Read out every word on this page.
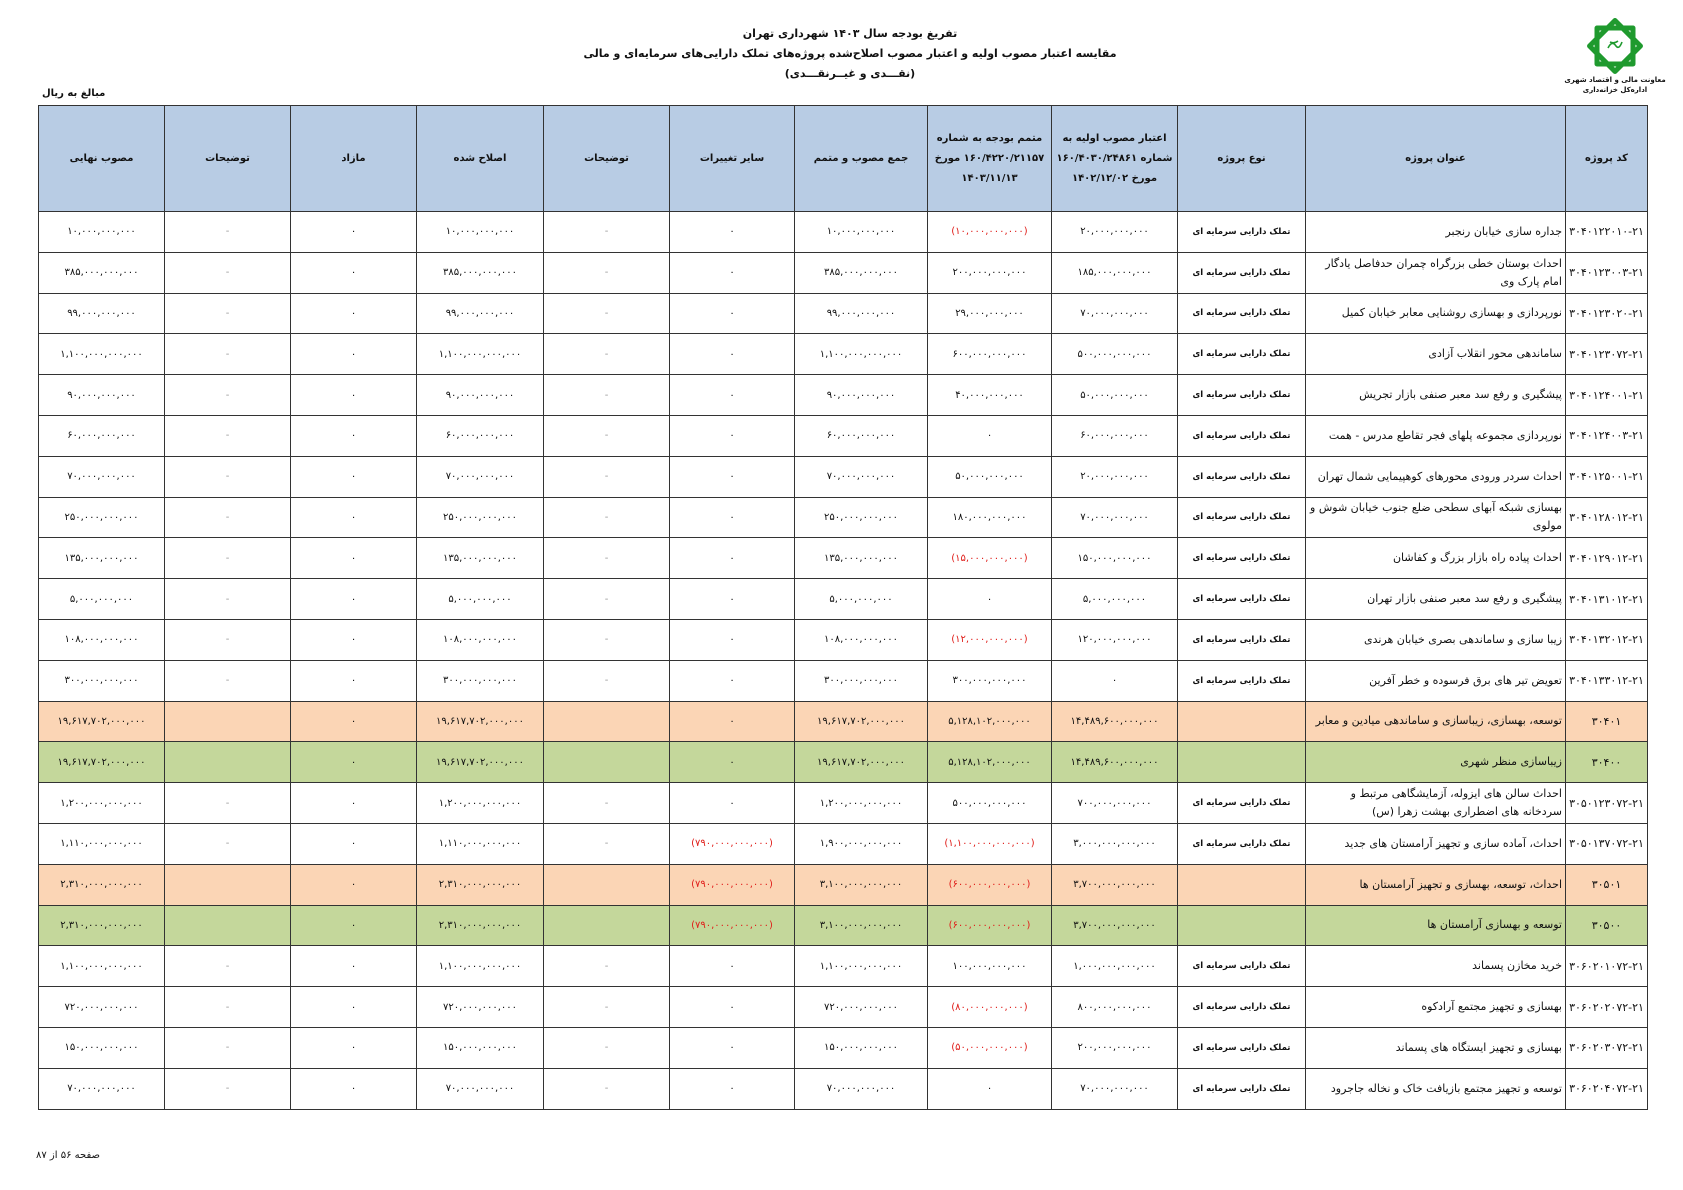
معاونت مالی و اقتصاد شهری
اداره‌کل خزانه‌داری
تفریغ بودجه سال ۱۴۰۳ شهرداری تهران
مقایسه اعتبار مصوب اولیه و اعتبار مصوب اصلاح‌شده پروژه‌های تملک دارایی‌های سرمایه‌ای و مالی
(نقـــدی و غیــرنقـــدی)
مبالغ به ریال
کد پروژه	عنوان پروژه	نوع پروژه	اعتبار مصوب اولیه به شماره ۱۶۰/۴۰۳۰/۲۴۸۶۱ مورخ ۱۴۰۲/۱۲/۰۲	متمم بودجه به شماره ۱۶۰/۴۲۲۰/۲۱۱۵۷ مورخ ۱۴۰۳/۱۱/۱۳	جمع مصوب و متمم	سایر تغییرات	توضیحات	اصلاح شده	مازاد	توضیحات	مصوب نهایی
۳۰۴۰۱۲۲۰۱۰-۲۱	جداره سازی خیابان رنجبر	تملک دارایی سرمایه ای	۲۰,۰۰۰,۰۰۰,۰۰۰	(۱۰,۰۰۰,۰۰۰,۰۰۰)	۱۰,۰۰۰,۰۰۰,۰۰۰	۰	-	۱۰,۰۰۰,۰۰۰,۰۰۰	۰	-	۱۰,۰۰۰,۰۰۰,۰۰۰
۳۰۴۰۱۲۳۰۰۳-۲۱	احداث بوستان خطی بزرگراه چمران حدفاصل یادگار امام پارک وی	تملک دارایی سرمایه ای	۱۸۵,۰۰۰,۰۰۰,۰۰۰	۲۰۰,۰۰۰,۰۰۰,۰۰۰	۳۸۵,۰۰۰,۰۰۰,۰۰۰	۰	-	۳۸۵,۰۰۰,۰۰۰,۰۰۰	۰	-	۳۸۵,۰۰۰,۰۰۰,۰۰۰
۳۰۴۰۱۲۳۰۲۰-۲۱	نورپردازی و بهسازی روشنایی معابر خیابان کمیل	تملک دارایی سرمایه ای	۷۰,۰۰۰,۰۰۰,۰۰۰	۲۹,۰۰۰,۰۰۰,۰۰۰	۹۹,۰۰۰,۰۰۰,۰۰۰	۰	-	۹۹,۰۰۰,۰۰۰,۰۰۰	۰	-	۹۹,۰۰۰,۰۰۰,۰۰۰
۳۰۴۰۱۲۳۰۷۲-۲۱	ساماندهی محور انقلاب آزادی	تملک دارایی سرمایه ای	۵۰۰,۰۰۰,۰۰۰,۰۰۰	۶۰۰,۰۰۰,۰۰۰,۰۰۰	۱,۱۰۰,۰۰۰,۰۰۰,۰۰۰	۰	-	۱,۱۰۰,۰۰۰,۰۰۰,۰۰۰	۰	-	۱,۱۰۰,۰۰۰,۰۰۰,۰۰۰
۳۰۴۰۱۲۴۰۰۱-۲۱	پیشگیری و رفع سد معبر صنفی بازار تجریش	تملک دارایی سرمایه ای	۵۰,۰۰۰,۰۰۰,۰۰۰	۴۰,۰۰۰,۰۰۰,۰۰۰	۹۰,۰۰۰,۰۰۰,۰۰۰	۰	-	۹۰,۰۰۰,۰۰۰,۰۰۰	۰	-	۹۰,۰۰۰,۰۰۰,۰۰۰
۳۰۴۰۱۲۴۰۰۳-۲۱	نورپردازی مجموعه پلهای فجر تقاطع مدرس - همت	تملک دارایی سرمایه ای	۶۰,۰۰۰,۰۰۰,۰۰۰	۰	۶۰,۰۰۰,۰۰۰,۰۰۰	۰	-	۶۰,۰۰۰,۰۰۰,۰۰۰	۰	-	۶۰,۰۰۰,۰۰۰,۰۰۰
۳۰۴۰۱۲۵۰۰۱-۲۱	احداث سردر ورودی محورهای کوهپیمایی شمال تهران	تملک دارایی سرمایه ای	۲۰,۰۰۰,۰۰۰,۰۰۰	۵۰,۰۰۰,۰۰۰,۰۰۰	۷۰,۰۰۰,۰۰۰,۰۰۰	۰	-	۷۰,۰۰۰,۰۰۰,۰۰۰	۰	-	۷۰,۰۰۰,۰۰۰,۰۰۰
۳۰۴۰۱۲۸۰۱۲-۲۱	بهسازی شبکه آبهای سطحی ضلع جنوب خیابان شوش و مولوی	تملک دارایی سرمایه ای	۷۰,۰۰۰,۰۰۰,۰۰۰	۱۸۰,۰۰۰,۰۰۰,۰۰۰	۲۵۰,۰۰۰,۰۰۰,۰۰۰	۰	-	۲۵۰,۰۰۰,۰۰۰,۰۰۰	۰	-	۲۵۰,۰۰۰,۰۰۰,۰۰۰
۳۰۴۰۱۲۹۰۱۲-۲۱	احداث پیاده راه بازار بزرگ و کفاشان	تملک دارایی سرمایه ای	۱۵۰,۰۰۰,۰۰۰,۰۰۰	(۱۵,۰۰۰,۰۰۰,۰۰۰)	۱۳۵,۰۰۰,۰۰۰,۰۰۰	۰	-	۱۳۵,۰۰۰,۰۰۰,۰۰۰	۰	-	۱۳۵,۰۰۰,۰۰۰,۰۰۰
۳۰۴۰۱۳۱۰۱۲-۲۱	پیشگیری و رفع سد معبر صنفی بازار تهران	تملک دارایی سرمایه ای	۵,۰۰۰,۰۰۰,۰۰۰	۰	۵,۰۰۰,۰۰۰,۰۰۰	۰	-	۵,۰۰۰,۰۰۰,۰۰۰	۰	-	۵,۰۰۰,۰۰۰,۰۰۰
۳۰۴۰۱۳۲۰۱۲-۲۱	زیبا سازی و ساماندهی بصری خیابان هرندی	تملک دارایی سرمایه ای	۱۲۰,۰۰۰,۰۰۰,۰۰۰	(۱۲,۰۰۰,۰۰۰,۰۰۰)	۱۰۸,۰۰۰,۰۰۰,۰۰۰	۰	-	۱۰۸,۰۰۰,۰۰۰,۰۰۰	۰	-	۱۰۸,۰۰۰,۰۰۰,۰۰۰
۳۰۴۰۱۳۳۰۱۲-۲۱	تعویض تیر های برق فرسوده و خطر آفرین	تملک دارایی سرمایه ای	۰	۳۰۰,۰۰۰,۰۰۰,۰۰۰	۳۰۰,۰۰۰,۰۰۰,۰۰۰	۰	-	۳۰۰,۰۰۰,۰۰۰,۰۰۰	۰	-	۳۰۰,۰۰۰,۰۰۰,۰۰۰
۳۰۴۰۱	توسعه، بهسازی، زیباسازی و ساماندهی میادین و معابر		۱۴,۴۸۹,۶۰۰,۰۰۰,۰۰۰	۵,۱۲۸,۱۰۲,۰۰۰,۰۰۰	۱۹,۶۱۷,۷۰۲,۰۰۰,۰۰۰	۰		۱۹,۶۱۷,۷۰۲,۰۰۰,۰۰۰	۰		۱۹,۶۱۷,۷۰۲,۰۰۰,۰۰۰
۳۰۴۰۰	زیباسازی منظر شهری		۱۴,۴۸۹,۶۰۰,۰۰۰,۰۰۰	۵,۱۲۸,۱۰۲,۰۰۰,۰۰۰	۱۹,۶۱۷,۷۰۲,۰۰۰,۰۰۰	۰		۱۹,۶۱۷,۷۰۲,۰۰۰,۰۰۰	۰		۱۹,۶۱۷,۷۰۲,۰۰۰,۰۰۰
۳۰۵۰۱۲۳۰۷۲-۲۱	احداث سالن های ایزوله، آزمایشگاهی مرتبط و سردخانه های اضطراری بهشت زهرا (س)	تملک دارایی سرمایه ای	۷۰۰,۰۰۰,۰۰۰,۰۰۰	۵۰۰,۰۰۰,۰۰۰,۰۰۰	۱,۲۰۰,۰۰۰,۰۰۰,۰۰۰	۰	-	۱,۲۰۰,۰۰۰,۰۰۰,۰۰۰	۰	-	۱,۲۰۰,۰۰۰,۰۰۰,۰۰۰
۳۰۵۰۱۳۷۰۷۲-۲۱	احداث، آماده سازی و تجهیز آرامستان های جدید	تملک دارایی سرمایه ای	۳,۰۰۰,۰۰۰,۰۰۰,۰۰۰	(۱,۱۰۰,۰۰۰,۰۰۰,۰۰۰)	۱,۹۰۰,۰۰۰,۰۰۰,۰۰۰	(۷۹۰,۰۰۰,۰۰۰,۰۰۰)	-	۱,۱۱۰,۰۰۰,۰۰۰,۰۰۰	۰	-	۱,۱۱۰,۰۰۰,۰۰۰,۰۰۰
۳۰۵۰۱	احداث، توسعه، بهسازی و تجهیز آرامستان ها		۳,۷۰۰,۰۰۰,۰۰۰,۰۰۰	(۶۰۰,۰۰۰,۰۰۰,۰۰۰)	۳,۱۰۰,۰۰۰,۰۰۰,۰۰۰	(۷۹۰,۰۰۰,۰۰۰,۰۰۰)		۲,۳۱۰,۰۰۰,۰۰۰,۰۰۰	۰		۲,۳۱۰,۰۰۰,۰۰۰,۰۰۰
۳۰۵۰۰	توسعه و بهسازی آرامستان ها		۳,۷۰۰,۰۰۰,۰۰۰,۰۰۰	(۶۰۰,۰۰۰,۰۰۰,۰۰۰)	۳,۱۰۰,۰۰۰,۰۰۰,۰۰۰	(۷۹۰,۰۰۰,۰۰۰,۰۰۰)		۲,۳۱۰,۰۰۰,۰۰۰,۰۰۰	۰		۲,۳۱۰,۰۰۰,۰۰۰,۰۰۰
۳۰۶۰۲۰۱۰۷۲-۲۱	خرید مخازن پسماند	تملک دارایی سرمایه ای	۱,۰۰۰,۰۰۰,۰۰۰,۰۰۰	۱۰۰,۰۰۰,۰۰۰,۰۰۰	۱,۱۰۰,۰۰۰,۰۰۰,۰۰۰	۰	-	۱,۱۰۰,۰۰۰,۰۰۰,۰۰۰	۰	-	۱,۱۰۰,۰۰۰,۰۰۰,۰۰۰
۳۰۶۰۲۰۲۰۷۲-۲۱	بهسازی و تجهیز مجتمع آرادکوه	تملک دارایی سرمایه ای	۸۰۰,۰۰۰,۰۰۰,۰۰۰	(۸۰,۰۰۰,۰۰۰,۰۰۰)	۷۲۰,۰۰۰,۰۰۰,۰۰۰	۰	-	۷۲۰,۰۰۰,۰۰۰,۰۰۰	۰	-	۷۲۰,۰۰۰,۰۰۰,۰۰۰
۳۰۶۰۲۰۳۰۷۲-۲۱	بهسازی و تجهیز ایستگاه های پسماند	تملک دارایی سرمایه ای	۲۰۰,۰۰۰,۰۰۰,۰۰۰	(۵۰,۰۰۰,۰۰۰,۰۰۰)	۱۵۰,۰۰۰,۰۰۰,۰۰۰	۰	-	۱۵۰,۰۰۰,۰۰۰,۰۰۰	۰	-	۱۵۰,۰۰۰,۰۰۰,۰۰۰
۳۰۶۰۲۰۴۰۷۲-۲۱	توسعه و تجهیز مجتمع بازیافت خاک و نخاله جاجرود	تملک دارایی سرمایه ای	۷۰,۰۰۰,۰۰۰,۰۰۰	۰	۷۰,۰۰۰,۰۰۰,۰۰۰	۰	-	۷۰,۰۰۰,۰۰۰,۰۰۰	۰	-	۷۰,۰۰۰,۰۰۰,۰۰۰
صفحه ۵۶ از ۸۷
